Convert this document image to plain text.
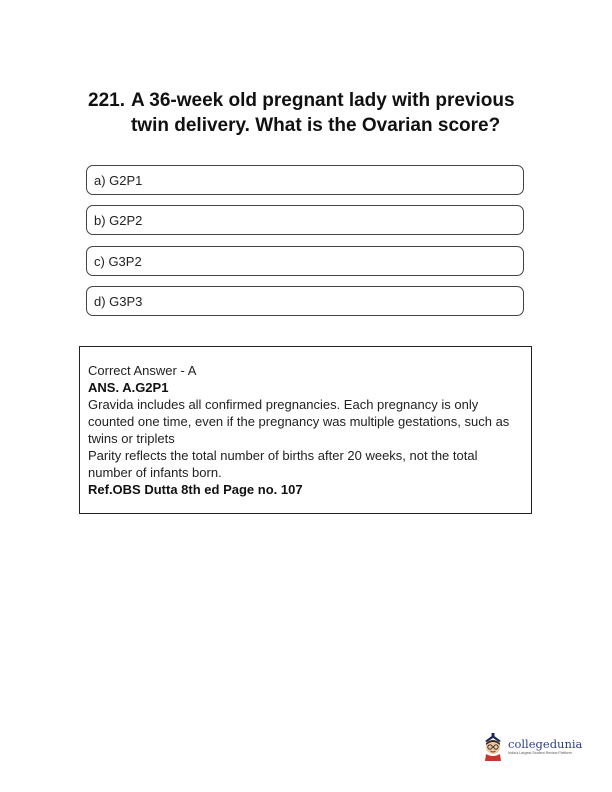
221. A 36-week old pregnant lady with previous twin delivery. What is the Ovarian score?
a) G2P1
b) G2P2
c) G3P2
d) G3P3
Correct Answer - A
ANS. A.G2P1
Gravida includes all confirmed pregnancies. Each pregnancy is only counted one time, even if the pregnancy was multiple gestations, such as twins or triplets
Parity reflects the total number of births after 20 weeks, not the total number of infants born.
Ref.OBS Dutta 8th ed Page no. 107
collegedunia
India's Largest Student Review Platform
